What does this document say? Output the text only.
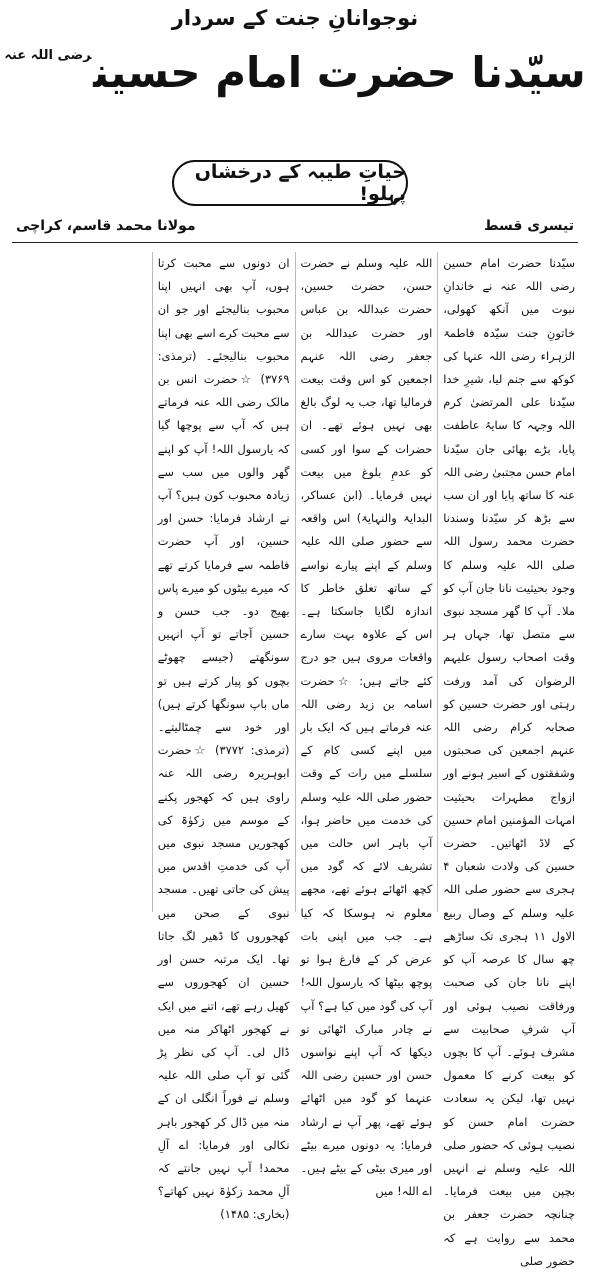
نوجوانانِ جنت کے سردار
سیّدنا حضرت امام حسین$^{رضی اللہ عنہ}$
حیاتِ طیبہ کے درخشاں پہلو!
تیسری قسط
مولانا محمد قاسم، کراچی

سیّدنا حضرت امام حسین رضی اللہ عنہ نے خاندانِ نبوت میں آنکھ کھولی، خاتونِ جنت سیّدہ فاطمۃ الزہراء رضی اللہ عنہا کی کوکھ سے جنم لیا، شیرِ خدا سیّدنا علی المرتضیٰ کرم اللہ وجہہ کا سایۂ عاطفت پایا، بڑے بھائی جان سیّدنا امام حسن مجتبیٰ رضی اللہ عنہ کا ساتھ پایا اور ان سب سے بڑھ کر سیّدنا وسندنا حضرت محمد رسول اللہ صلی اللہ علیہ وسلم کا وجود بحیثیت نانا جان آپ کو ملا۔ آپ کا گھر مسجد نبوی سے متصل تھا، جہاں ہر وقت اصحاب رسول علیہم الرضوان کی آمد ورفت رہتی اور حضرت حسین کو صحابہ کرام رضی اللہ عنہم اجمعین کی صحبتوں وشفقتوں کے اسیر ہونے اور ازواج مطہرات بحیثیت امہات المؤمنین امام حسین کے لاڈ اٹھاتیں۔ حضرت حسین کی ولادت شعبان ۴ ہجری سے حضور صلی اللہ علیہ وسلم کے وصال ربیع الاول ۱۱ ہجری تک ساڑھے چھ سال کا عرصہ آپ کو اپنے نانا جان کی صحبت ورفاقت نصیب ہوئی اور آپ شرفِ صحابیت سے مشرف ہوئے۔ آپ کا بچوں کو بیعت کرنے کا معمول نہیں تھا، لیکن یہ سعادت حضرت امام حسن کو نصیب ہوئی کہ حضور صلی اللہ علیہ وسلم نے انہیں بچپن میں بیعت فرمایا۔ چنانچہ حضرت جعفر بن محمد سے روایت ہے کہ حضور صلی

اللہ علیہ وسلم نے حضرت حسن، حضرت حسین، حضرت عبداللہ بن عباس اور حضرت عبداللہ بن جعفر رضی اللہ عنہم اجمعین کو اس وقت بیعت فرمالیا تھا، جب یہ لوگ بالغ بھی نہیں ہوئے تھے۔ ان حضرات کے سوا اور کسی کو عدمِ بلوغ میں بیعت نہیں فرمایا۔ (ابن عساکر، البدایۃ والنہایۃ) اس واقعہ سے حضور صلی اللہ علیہ وسلم کے اپنے پیارے نواسے کے ساتھ تعلق خاطر کا اندازہ لگایا جاسکتا ہے۔ اس کے علاوہ بہت سارے واقعات مروی ہیں جو درج کئے جاتے ہیں: ☆حضرت اسامہ بن زید رضی اللہ عنہ فرماتے ہیں کہ ایک بار میں اپنے کسی کام کے سلسلے میں رات کے وقت حضور صلی اللہ علیہ وسلم کی خدمت میں حاضر ہوا، آپ باہر اس حالت میں تشریف لائے کہ گود میں کچھ اٹھائے ہوئے تھے، مجھے معلوم نہ ہوسکا کہ کیا ہے۔ جب میں اپنی بات عرض کر کے فارغ ہوا تو پوچھ بیٹھا کہ یارسول اللہ! آپ کی گود میں کیا ہے؟ آپ نے چادر مبارک اٹھائی تو دیکھا کہ آپ اپنے نواسوں حسن اور حسین رضی اللہ عنہما کو گود میں اٹھائے ہوئے تھے، پھر آپ نے ارشاد فرمایا: یہ دونوں میرے بیٹے اور میری بیٹی کے بیٹے ہیں۔ اے اللہ! میں

ان دونوں سے محبت کرتا ہوں، آپ بھی انہیں اپنا محبوب بنالیجئے اور جو ان سے محبت کرے اسے بھی اپنا محبوب بنالیجئے۔ (ترمذی: ۳۷۶۹) ☆حضرت انس بن مالک رضی اللہ عنہ فرماتے ہیں کہ آپ سے پوچھا گیا کہ یارسول اللہ! آپ کو اپنے گھر والوں میں سب سے زیادہ محبوب کون ہیں؟ آپ نے ارشاد فرمایا: حسن اور حسین، اور آپ حضرت فاطمہ سے فرمایا کرتے تھے کہ میرے بیٹوں کو میرے پاس بھیج دو۔ جب حسن و حسین آجاتے تو آپ انہیں سونگھتے (جیسے چھوٹے بچوں کو پیار کرتے ہیں تو ماں باپ سونگھا کرتے ہیں) اور خود سے چمٹالیتے۔ (ترمذی: ۳۷۷۲) ☆حضرت ابوہریرہ رضی اللہ عنہ راوی ہیں کہ کھجور پکنے کے موسم میں زکوٰۃ کی کھجوریں مسجد نبوی میں آپ کی خدمتِ اقدس میں پیش کی جاتی تھیں۔ مسجد نبوی کے صحن میں کھجوروں کا ڈھیر لگ جاتا تھا۔ ایک مرتبہ حسن اور حسین ان کھجوروں سے کھیل رہے تھے، اتنے میں ایک نے کھجور اٹھاکر منہ میں ڈال لی۔ آپ کی نظر پڑ گئی تو آپ صلی اللہ علیہ وسلم نے فوراً انگلی ان کے منہ میں ڈال کر کھجور باہر نکالی اور فرمایا: اے آلِ محمد! آپ نہیں جانتے کہ آلِ محمد زکوٰۃ نہیں کھاتے؟ (بخاری: ۱۴۸۵)
